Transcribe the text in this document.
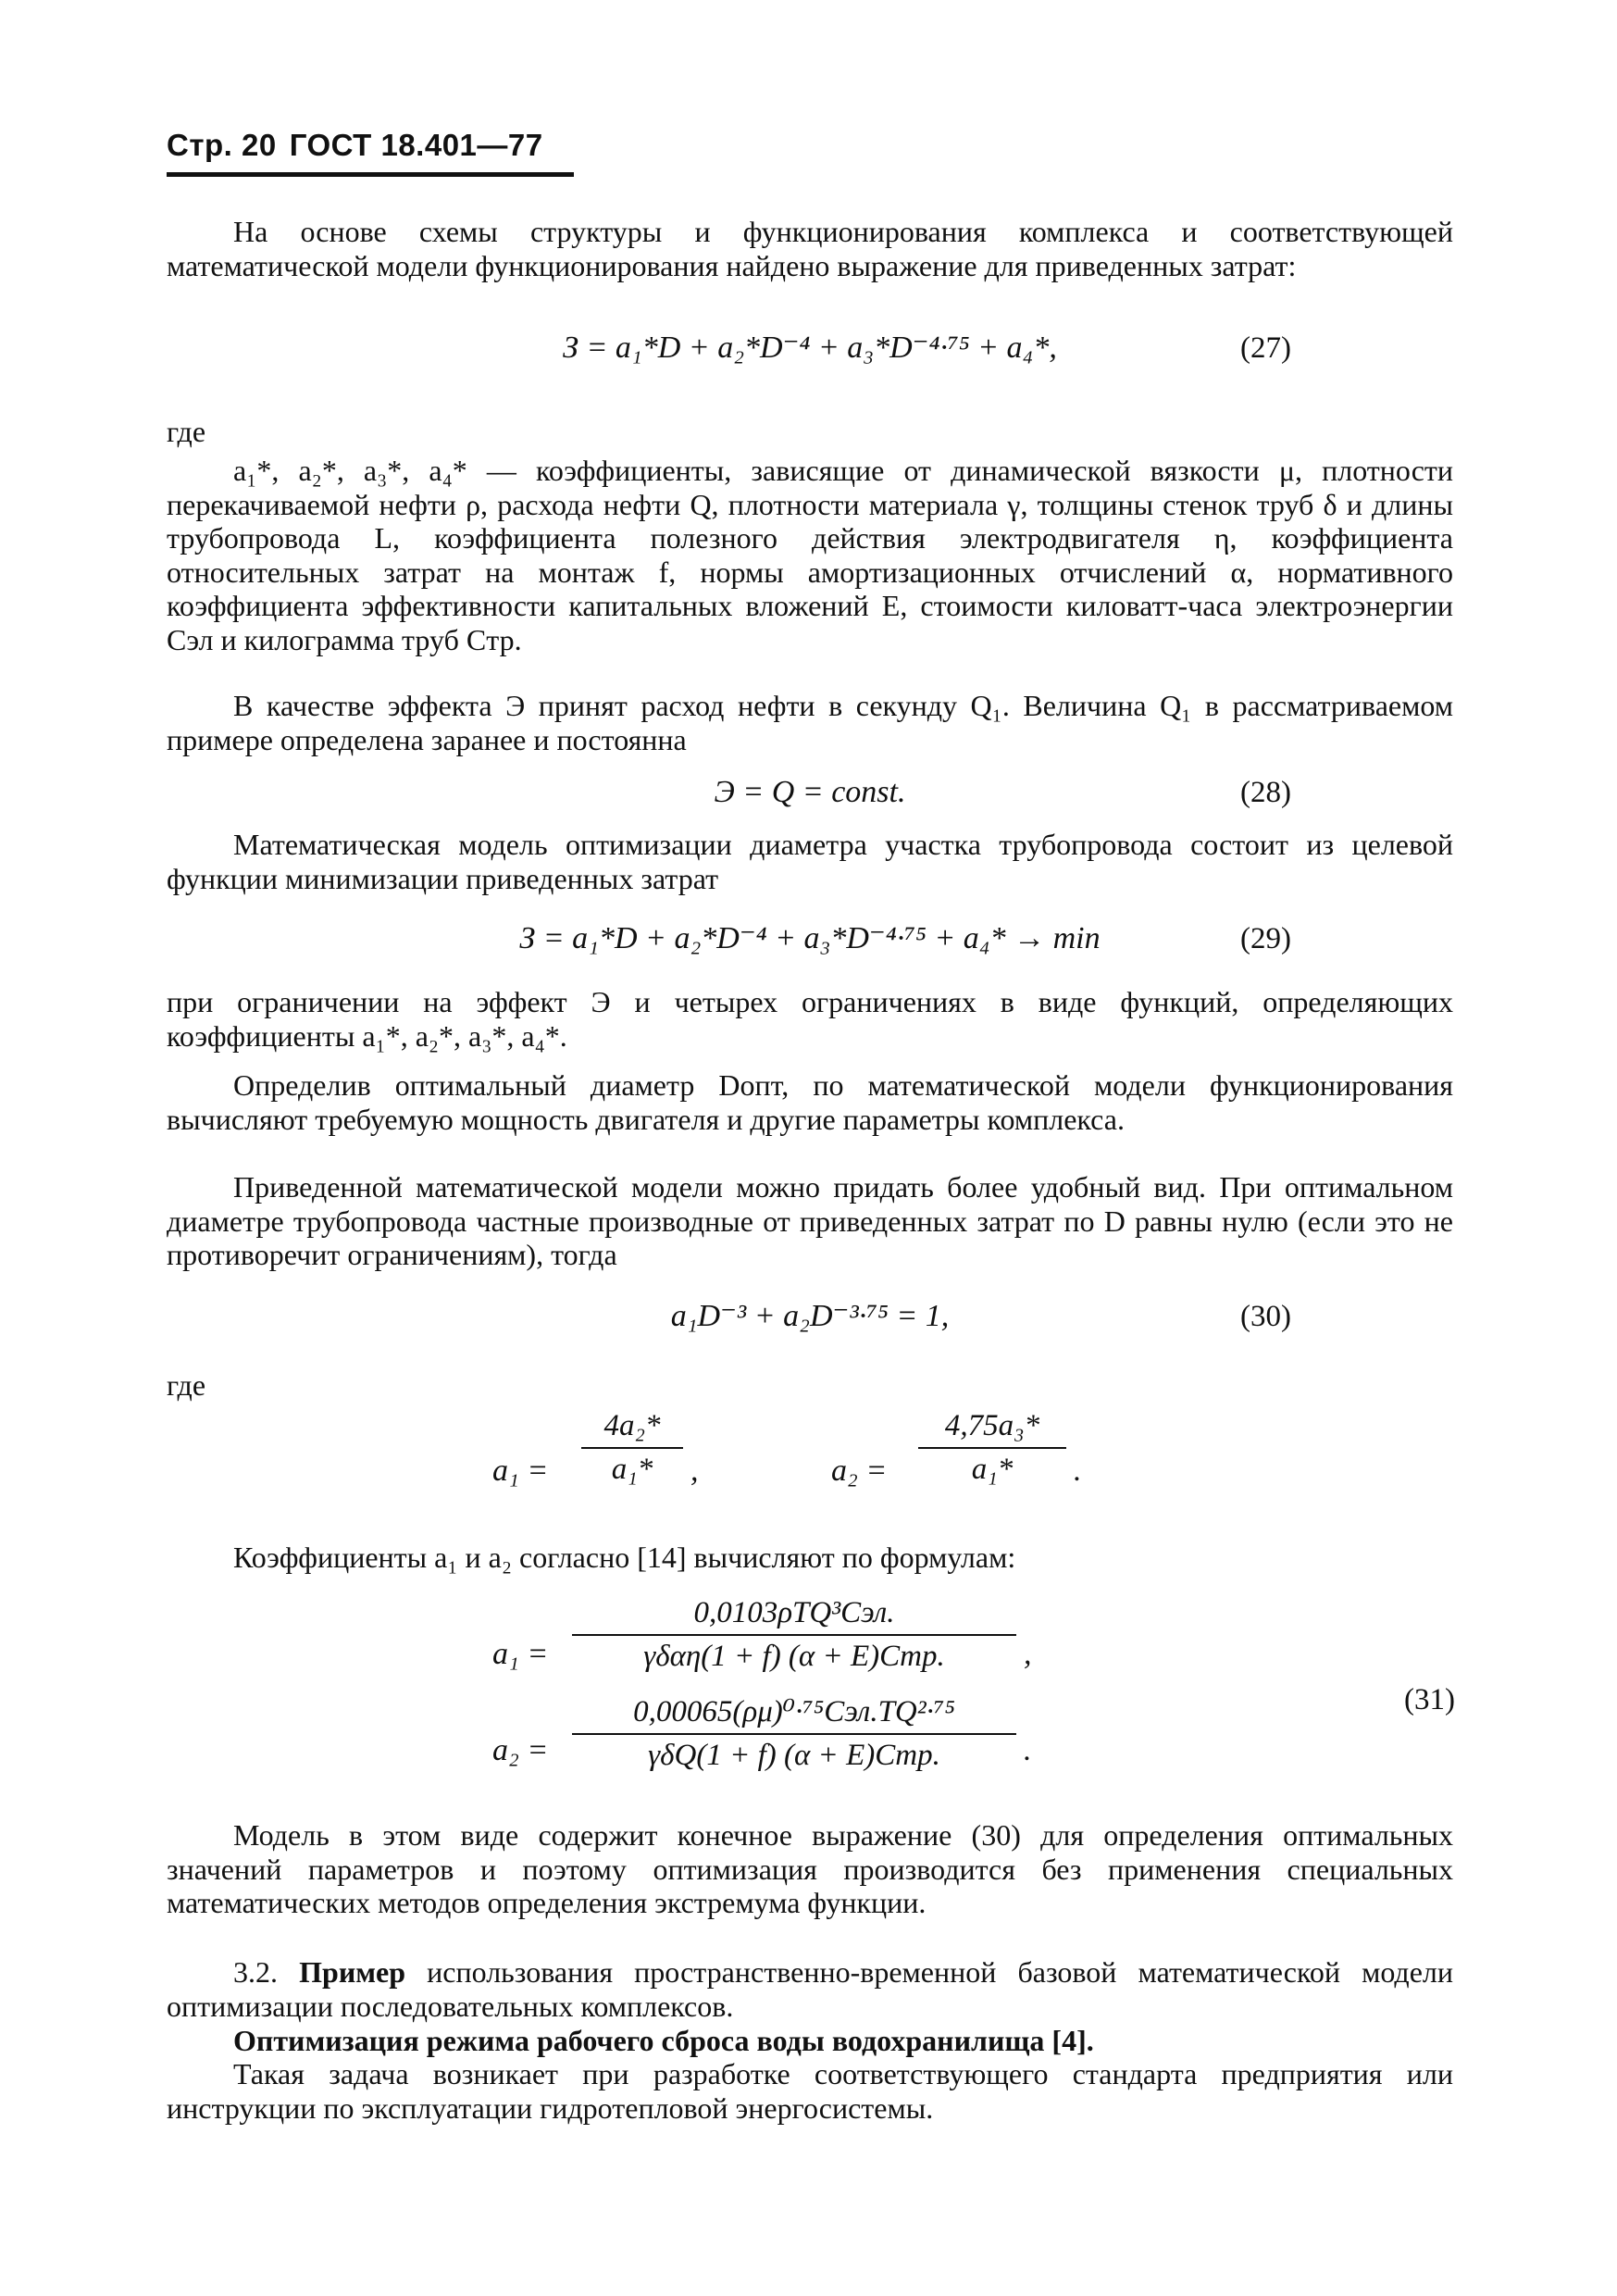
Стр. 20 ГОСТ 18.401—77

На основе схемы структуры и функционирования комплекса и соответствующей математической модели функционирования найдено выражение для приведенных затрат:

З = a₁*D + a₂*D⁻⁴ + a₃*D⁻⁴·⁷⁵ + a₄*,	(27)
где

a₁*, a₂*, a₃*, a₄* — коэффициенты, зависящие от динамической вязкости μ, плотности перекачиваемой нефти ρ, расхода нефти Q, плотности материала γ, толщины стенок труб δ и длины трубопровода L, коэффициента полезного действия электродвигателя η, коэффициента относительных затрат на монтаж f, нормы амортизационных отчислений α, нормативного коэффициента эффективности капитальных вложений E, стоимости киловатт-часа электроэнергии Cэл и килограмма труб Cтр.

В качестве эффекта Э принят расход нефти в секунду Q₁. Величина Q₁ в рассматриваемом примере определена заранее и постоянна

Э = Q = const.	(28)

Математическая модель оптимизации диаметра участка трубопровода состоит из целевой функции минимизации приведенных затрат

З = a₁*D + a₂*D⁻⁴ + a₃*D⁻⁴·⁷⁵ + a₄* → min	(29)

при ограничении на эффект Э и четырех ограничениях в виде функций, определяющих коэффициенты a₁*, a₂*, a₃*, a₄*.

Определив оптимальный диаметр Dопт, по математической модели функционирования вычисляют требуемую мощность двигателя и другие параметры комплекса.

Приведенной математической модели можно придать более удобный вид. При оптимальном диаметре трубопровода частные производные от приведенных затрат по D равны нулю (если это не противоречит ограничениям), тогда

a₁D⁻³ + a₂D⁻³·⁷⁵ = 1,	(30)
где
a₁ =
4a₂*
a₁*	,	a₂ =
4,75a₃*
a₁*	.

Коэффициенты a₁ и a₂ согласно [14] вычисляют по формулам:

a₁ =
0,0103ρTQ³Cэл.
γδαη(1 + f) (α + E)Cтр.	,
a₂ =
0,00065(ρμ)⁰·⁷⁵Cэл.TQ²·⁷⁵
γδQ(1 + f) (α + E)Cтр.	.
(31)

Модель в этом виде содержит конечное выражение (30) для определения оптимальных значений параметров и поэтому оптимизация производится без применения специальных математических методов определения экстремума функции.

3.2. Пример использования пространственно-временной базовой математической модели оптимизации последовательных комплексов.

Оптимизация режима рабочего сброса воды водохранилища [4].

Такая задача возникает при разработке соответствующего стандарта предприятия или инструкции по эксплуатации гидротепловой энергосистемы.
